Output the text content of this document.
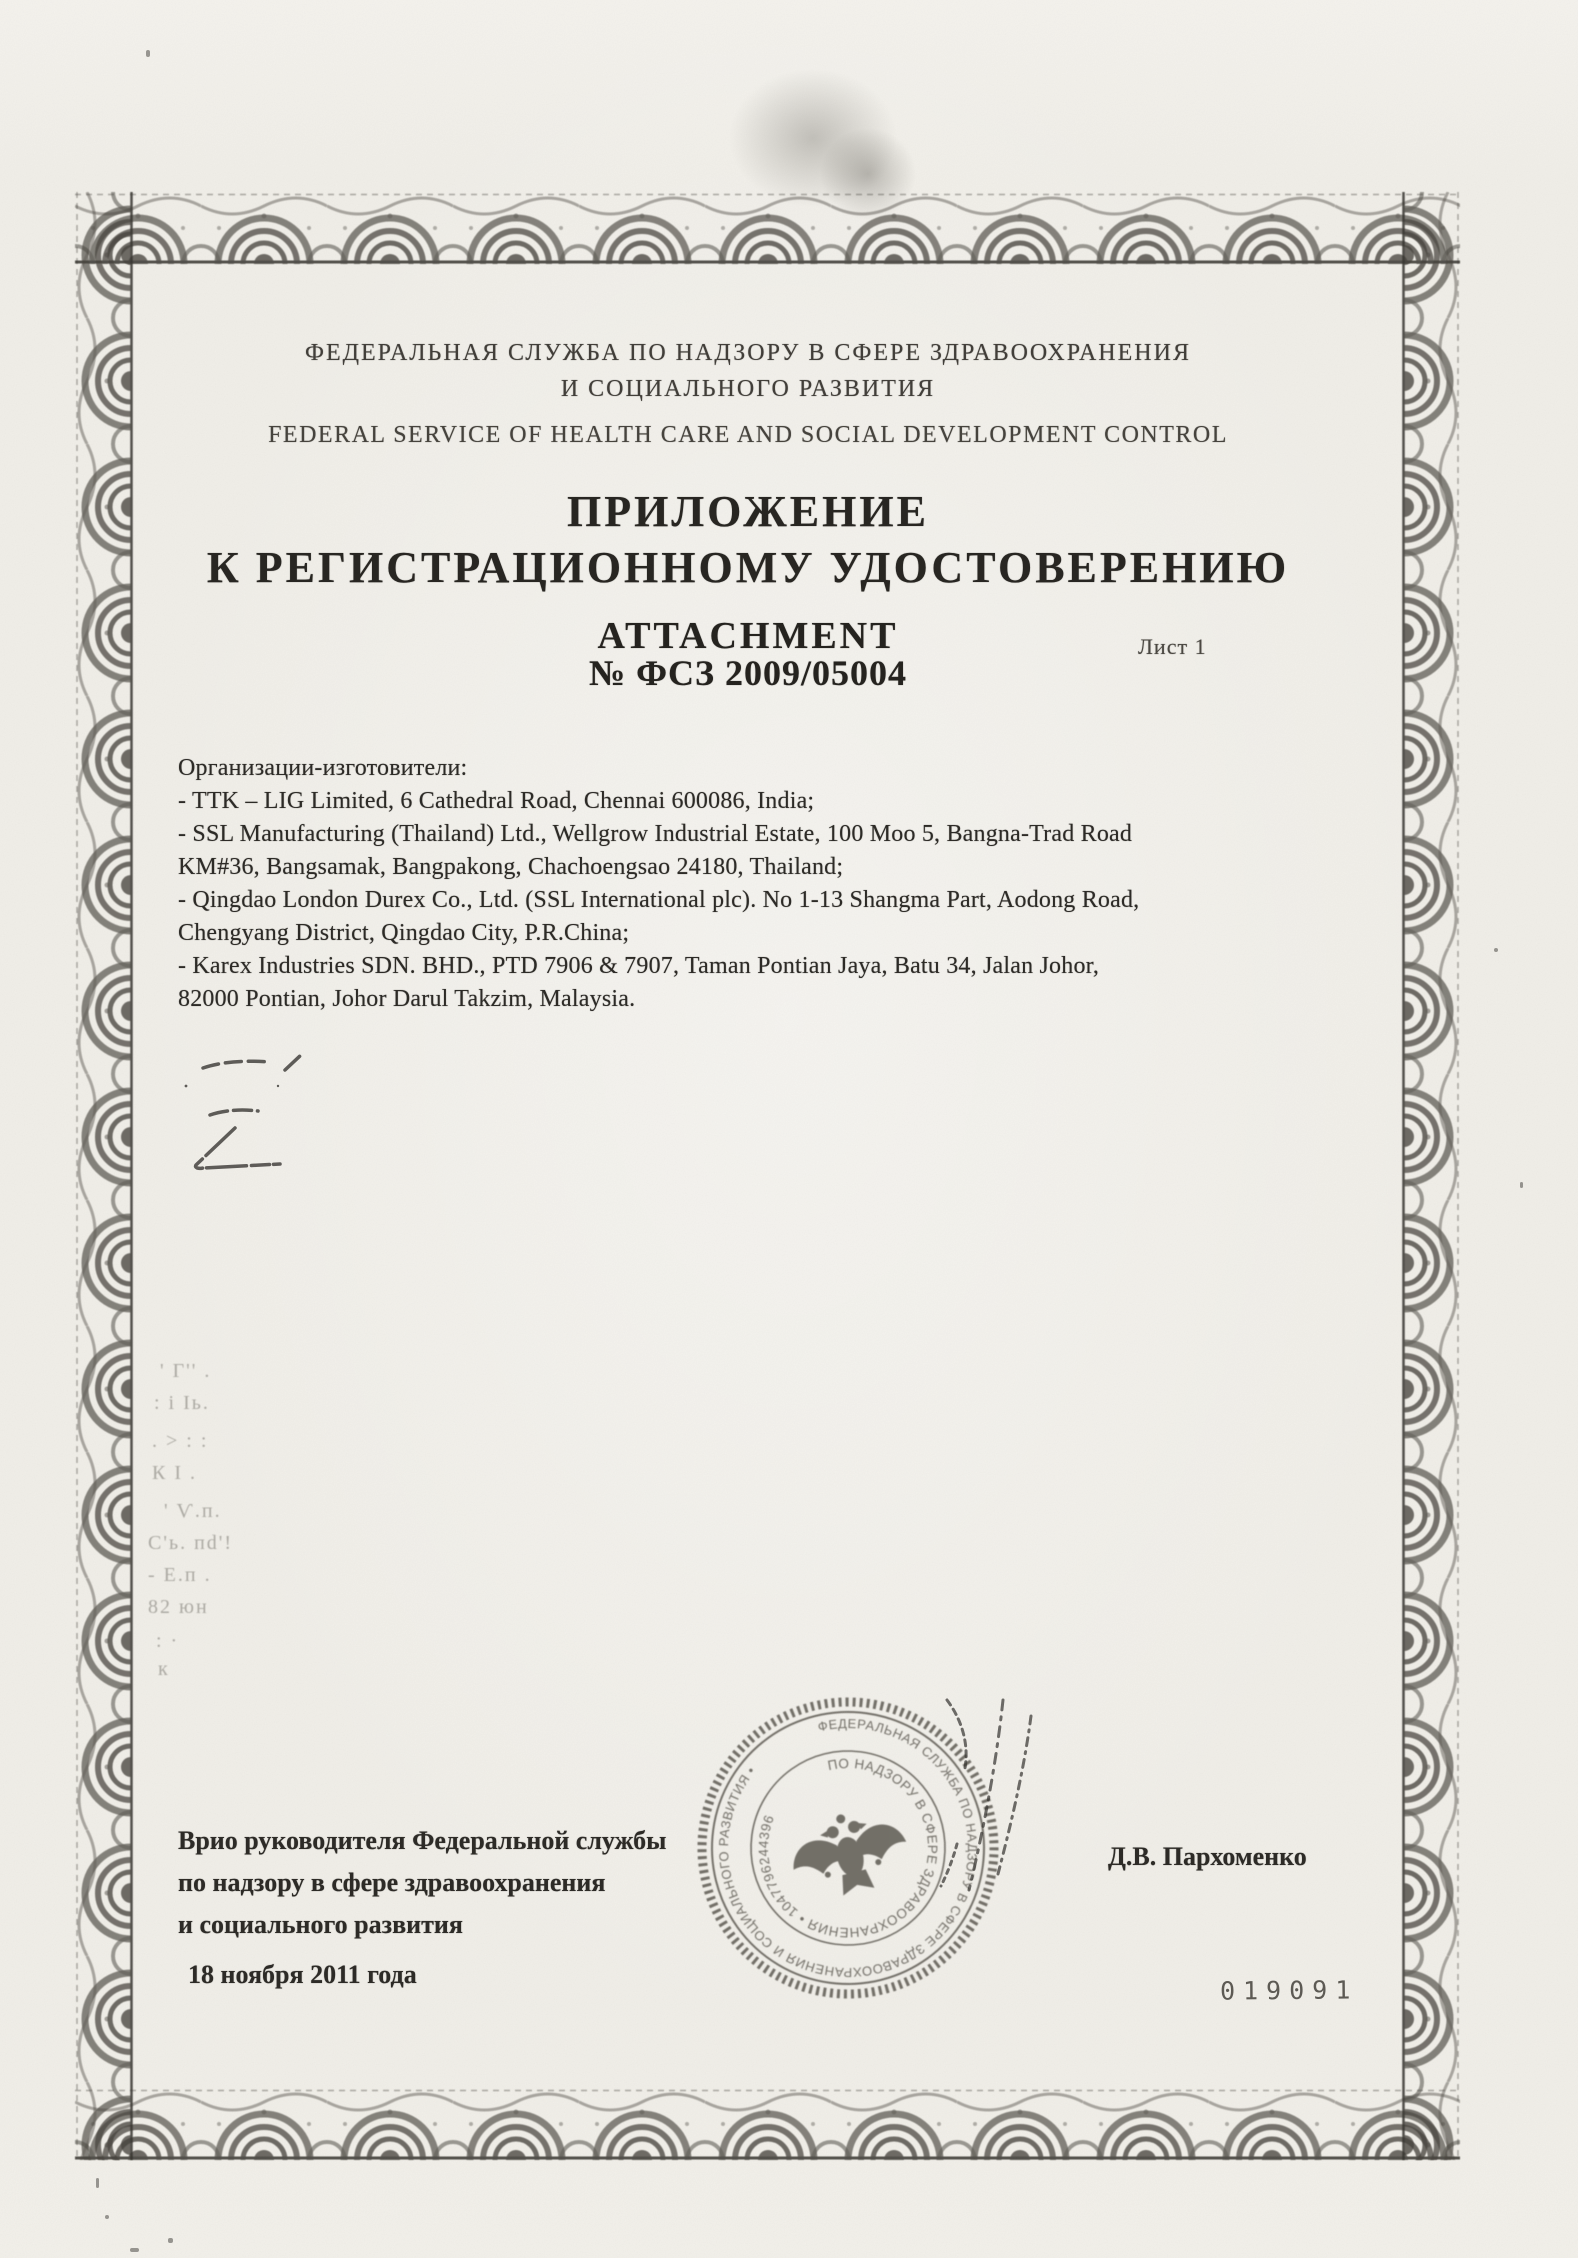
ФЕДЕРАЛЬНАЯ СЛУЖБА ПО НАДЗОРУ В СФЕРЕ ЗДРАВООХРАНЕНИЯ
И СОЦИАЛЬНОГО РАЗВИТИЯ
FEDERAL SERVICE OF HEALTH CARE AND SOCIAL DEVELOPMENT CONTROL
ПРИЛОЖЕНИЕ
К РЕГИСТРАЦИОННОМУ УДОСТОВЕРЕНИЮ
ATTACHMENT
№ ФСЗ 2009/05004
Лист 1
Организации-изготовители:
- TTK – LIG Limited, 6 Cathedral Road, Chennai 600086, India;
- SSL Manufacturing (Thailand) Ltd., Wellgrow Industrial Estate, 100 Moo 5, Bangna-Trad Road
KM#36, Bangsamak, Bangpakong, Chachoengsao 24180, Thailand;
- Qingdao London Durex Co., Ltd. (SSL International plc). No 1-13 Shangma Part, Aodong Road,
Chengyang District, Qingdao City, P.R.China;
- Karex Industries SDN. BHD., PTD 7906 & 7907, Taman Pontian Jaya, Batu 34, Jalan Johor,
82000 Pontian, Johor Darul Takzim, Malaysia.
' Г'' .
: і Іь.
. > : :
К І .
' Ѵ.п.
С'ь. пd'!
- Е.п .
82 юн
: ·
к
ФЕДЕРАЛЬНАЯ СЛУЖБА ПО НАДЗОРУ В СФЕРЕ ЗДРАВООХРАНЕНИЯ И СОЦИАЛЬНОГО РАЗВИТИЯ •	ПО НАДЗОРУ В СФЕРЕ ЗДРАВООХРАНЕНИЯ • 1047796244396
Врио руководителя Федеральной службы
по надзору в сфере здравоохранения
и социального развития
18 ноября 2011 года
Д.В. Пархоменко
019091
